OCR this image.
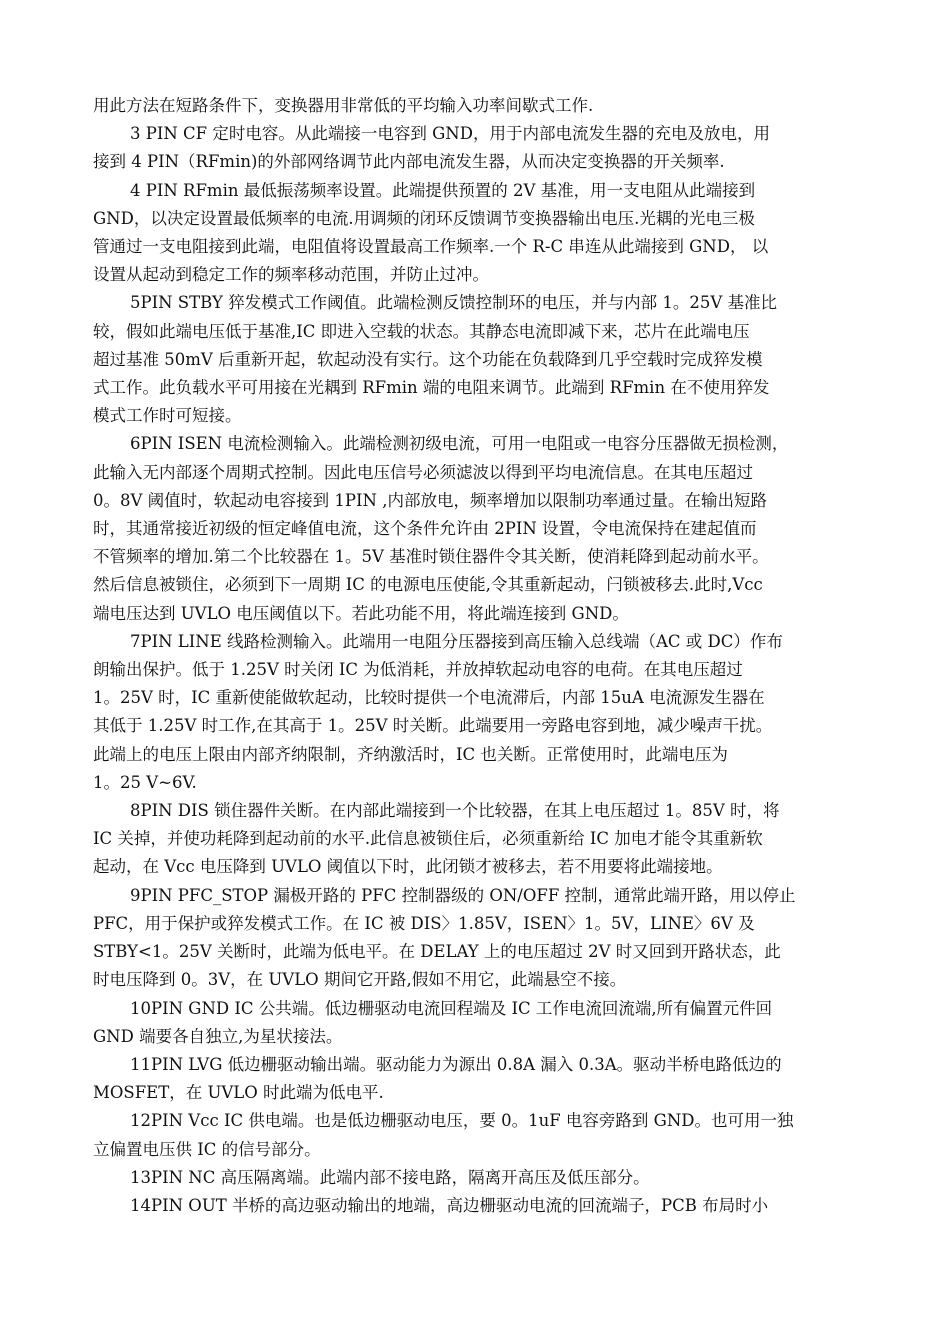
用此方法在短路条件下，变换器用非常低的平均输入功率间歇式工作.

3 PIN CF 定时电容。从此端接一电容到 GND，用于内部电流发生器的充电及放电，用
接到 4 PIN（RFmin)的外部网络调节此内部电流发生器，从而决定变换器的开关频率.

4 PIN RFmin 最低振荡频率设置。此端提供预置的 2V 基准，用一支电阻从此端接到
GND，以决定设置最低频率的电流.用调频的闭环反馈调节变换器输出电压.光耦的光电三极
管通过一支电阻接到此端，电阻值将设置最高工作频率.一个 R-C 串连从此端接到 GND， 以
设置从起动到稳定工作的频率移动范围，并防止过冲。

5PIN STBY 猝发模式工作阈值。此端检测反馈控制环的电压，并与内部 1。25V 基准比
较，假如此端电压低于基准,IC 即进入空载的状态。其静态电流即减下来，芯片在此端电压
超过基准 50mV 后重新开起，软起动没有实行。这个功能在负载降到几乎空载时完成猝发模
式工作。此负载水平可用接在光耦到 RFmin 端的电阻来调节。此端到 RFmin 在不使用猝发
模式工作时可短接。

6PIN ISEN 电流检测输入。此端检测初级电流，可用一电阻或一电容分压器做无损检测，
此输入无内部逐个周期式控制。因此电压信号必须滤波以得到平均电流信息。在其电压超过
0。8V 阈值时，软起动电容接到 1PIN ,内部放电，频率增加以限制功率通过量。在输出短路
时，其通常接近初级的恒定峰值电流，这个条件允许由 2PIN 设置，令电流保持在建起值而
不管频率的增加.第二个比较器在 1。5V 基准时锁住器件令其关断，使消耗降到起动前水平。
然后信息被锁住，必须到下一周期 IC 的电源电压使能,令其重新起动，闩锁被移去.此时,Vcc
端电压达到 UVLO 电压阈值以下。若此功能不用，将此端连接到 GND。

7PIN LINE 线路检测输入。此端用一电阻分压器接到高压输入总线端（AC 或 DC）作布
朗输出保护。低于 1.25V 时关闭 IC 为低消耗，并放掉软起动电容的电荷。在其电压超过
1。25V 时，IC 重新使能做软起动，比较时提供一个电流滞后，内部 15uA 电流源发生器在
其低于 1.25V 时工作,在其高于 1。25V 时关断。此端要用一旁路电容到地，减少噪声干扰。
此端上的电压上限由内部齐纳限制，齐纳激活时，IC 也关断。正常使用时，此端电压为
1。25 V~6V.

8PIN DIS 锁住器件关断。在内部此端接到一个比较器，在其上电压超过 1。85V 时，将
IC 关掉，并使功耗降到起动前的水平.此信息被锁住后，必须重新给 IC 加电才能令其重新软
起动，在 Vcc 电压降到 UVLO 阈值以下时，此闭锁才被移去，若不用要将此端接地。

9PIN PFC_STOP 漏极开路的 PFC 控制器级的 ON/OFF 控制，通常此端开路，用以停止
PFC，用于保护或猝发模式工作。在 IC 被 DIS〉1.85V，ISEN〉1。5V，LINE〉6V 及
STBY<1。25V 关断时，此端为低电平。在 DELAY 上的电压超过 2V 时又回到开路状态，此
时电压降到 0。3V，在 UVLO 期间它开路,假如不用它，此端悬空不接。

10PIN GND IC 公共端。低边栅驱动电流回程端及 IC 工作电流回流端,所有偏置元件回
GND 端要各自独立,为星状接法。

11PIN LVG 低边栅驱动输出端。驱动能力为源出 0.8A 漏入 0.3A。驱动半桥电路低边的
MOSFET，在 UVLO 时此端为低电平.

12PIN Vcc IC 供电端。也是低边栅驱动电压，要 0。1uF 电容旁路到 GND。也可用一独
立偏置电压供 IC 的信号部分。

13PIN NC 高压隔离端。此端内部不接电路，隔离开高压及低压部分。

14PIN OUT 半桥的高边驱动输出的地端，高边栅驱动电流的回流端子，PCB 布局时小
